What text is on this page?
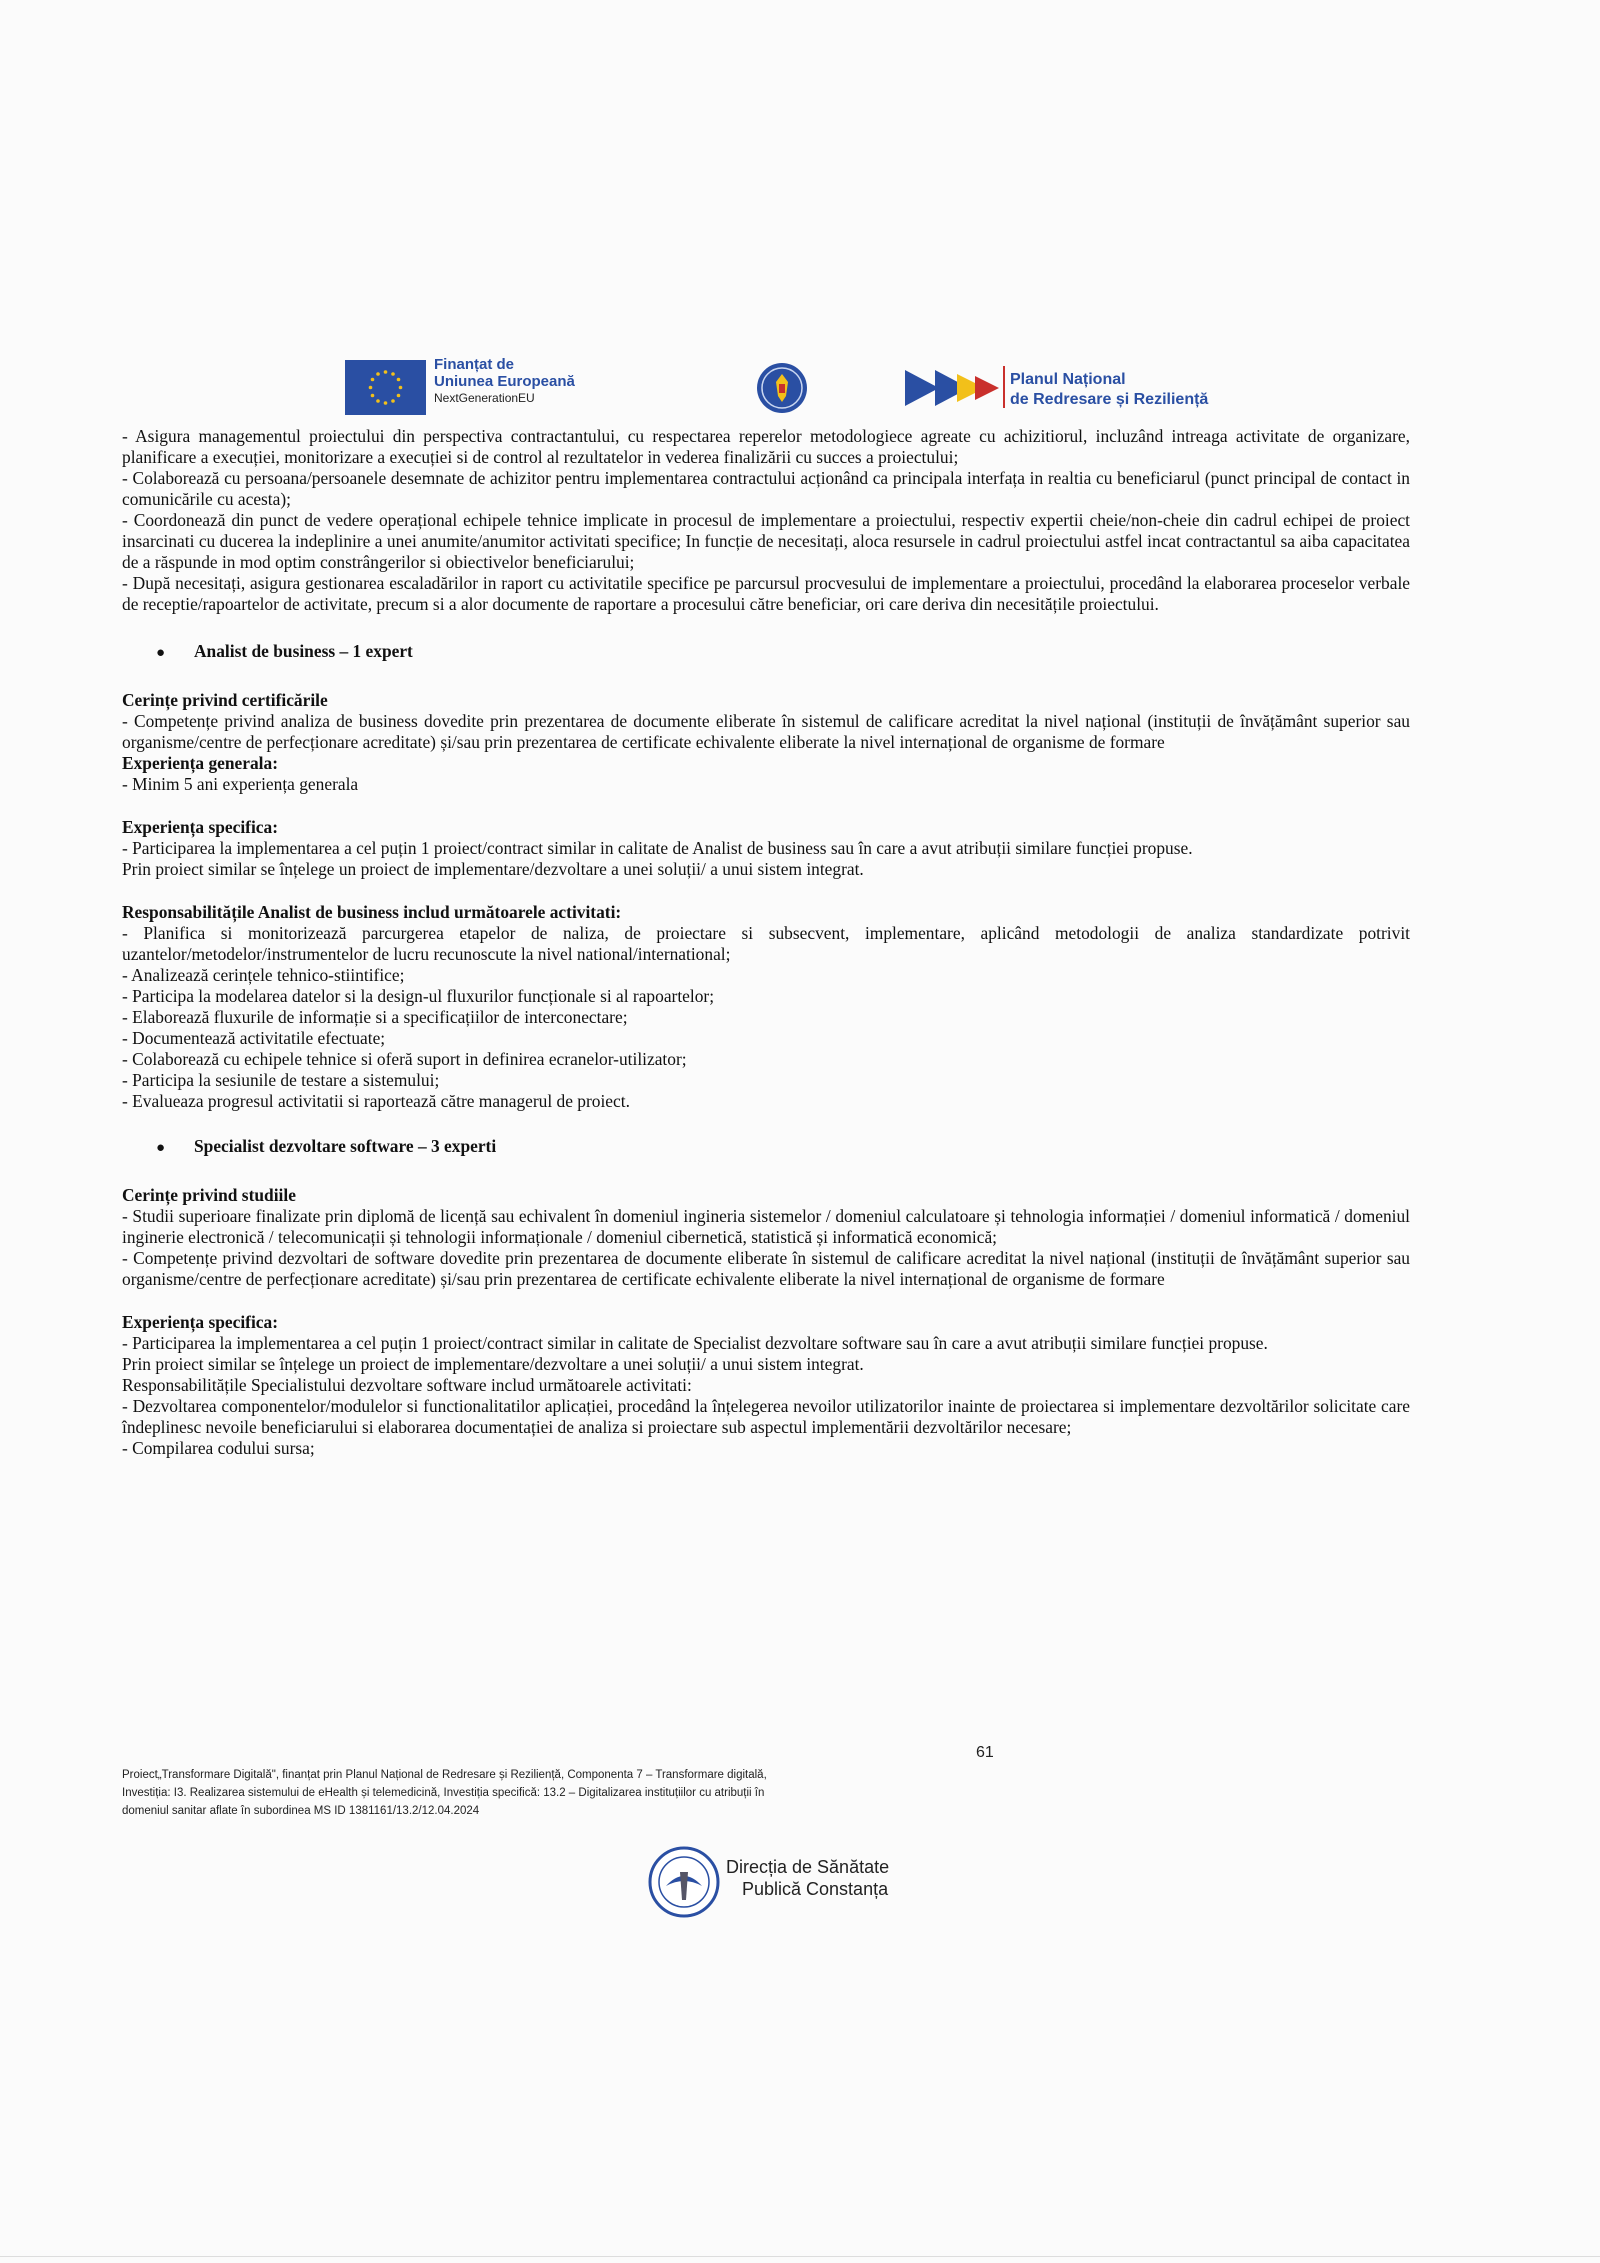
Finanțat de
Uniunea Europeană
NextGenerationEU
Planul Național
de Redresare și Reziliență

- Asigura managementul proiectului din perspectiva contractantului, cu respectarea reperelor metodologiece agreate cu achizitiorul, incluzând intreaga activitate de organizare, planificare a execuției, monitorizare a execuției si de control al rezultatelor in vederea finalizării cu succes a proiectului;

- Colaborează cu persoana/persoanele desemnate de achizitor pentru implementarea contractului acționând ca principala interfața in realtia cu beneficiarul (punct principal de contact in comunicările cu acesta);

- Coordonează din punct de vedere operațional echipele tehnice implicate in procesul de implementare a proiectului, respectiv expertii cheie/non-cheie din cadrul echipei de proiect insarcinati cu ducerea la indeplinire a unei anumite/anumitor activitati specifice; In funcție de necesitați, aloca resursele in cadrul proiectului astfel incat contractantul sa aiba capacitatea de a răspunde in mod optim constrângerilor si obiectivelor beneficiarului;

- După necesitați, asigura gestionarea escaladărilor in raport cu activitatile specifice pe parcursul procvesului de implementare a proiectului, procedând la elaborarea proceselor verbale de receptie/rapoartelor de activitate, precum si a alor documente de raportare a procesului către beneficiar, ori care deriva din necesitățile proiectului.

●	Analist de business – 1 expert

Cerințe privind certificările

- Competențe privind analiza de business dovedite prin prezentarea de documente eliberate în sistemul de calificare acreditat la nivel național (instituții de învățământ superior sau organisme/centre de perfecționare acreditate) și/sau prin prezentarea de certificate echivalente eliberate la nivel internațional de organisme de formare

Experiența generala:

- Minim 5 ani experiența generala

Experiența specifica:

- Participarea la implementarea a cel puțin 1 proiect/contract similar in calitate de Analist de business sau în care a avut atribuții similare funcției propuse.

Prin proiect similar se înțelege un proiect de implementare/dezvoltare a unei soluții/ a unui sistem integrat.

Responsabilitățile Analist de business includ următoarele activitati:

- Planifica si monitorizează parcurgerea etapelor de naliza, de proiectare si subsecvent, implementare, aplicând metodologii de analiza standardizate potrivit uzantelor/metodelor/instrumentelor de lucru recunoscute la nivel national/international;

- Analizează cerințele tehnico-stiintifice;

- Participa la modelarea datelor si la design-ul fluxurilor funcționale si al rapoartelor;

- Elaborează fluxurile de informație si a specificațiilor de interconectare;

- Documentează activitatile efectuate;

- Colaborează cu echipele tehnice si oferă suport in definirea ecranelor-utilizator;

- Participa la sesiunile de testare a sistemului;

- Evalueaza progresul activitatii si raportează către managerul de proiect.

●	Specialist dezvoltare software – 3 experti

Cerințe privind studiile

- Studii superioare finalizate prin diplomă de licență sau echivalent în domeniul ingineria sistemelor / domeniul calculatoare și tehnologia informației / domeniul informatică / domeniul inginerie electronică / telecomunicații și tehnologii informaționale / domeniul cibernetică, statistică și informatică economică;

- Competențe privind dezvoltari de software dovedite prin prezentarea de documente eliberate în sistemul de calificare acreditat la nivel național (instituții de învățământ superior sau organisme/centre de perfecționare acreditate) și/sau prin prezentarea de certificate echivalente eliberate la nivel internațional de organisme de formare

Experiența specifica:

- Participarea la implementarea a cel puțin 1 proiect/contract similar in calitate de Specialist dezvoltare software sau în care a avut atribuții similare funcției propuse.

Prin proiect similar se înțelege un proiect de implementare/dezvoltare a unei soluții/ a unui sistem integrat.

Responsabilitățile Specialistului dezvoltare software includ următoarele activitati:

- Dezvoltarea componentelor/modulelor si functionalitatilor aplicației, procedând la înțelegerea nevoilor utilizatorilor inainte de proiectarea si implementare dezvoltărilor solicitate care îndeplinesc nevoile beneficiarului si elaborarea documentației de analiza si proiectare sub aspectul implementării dezvoltărilor necesare;

- Compilarea codului sursa;

61

Proiect„Transformare Digitală", finanțat prin Planul Național de Redresare și Reziliență, Componenta 7 – Transformare digitală,

Investiția: I3. Realizarea sistemului de eHealth și telemedicină, Investiția specifică: 13.2 – Digitalizarea instituțiilor cu atribuții în

domeniul sanitar aflate în subordinea MS ID 1381161/13.2/12.04.2024

Direcția de Sănătate
Publică Constanța
